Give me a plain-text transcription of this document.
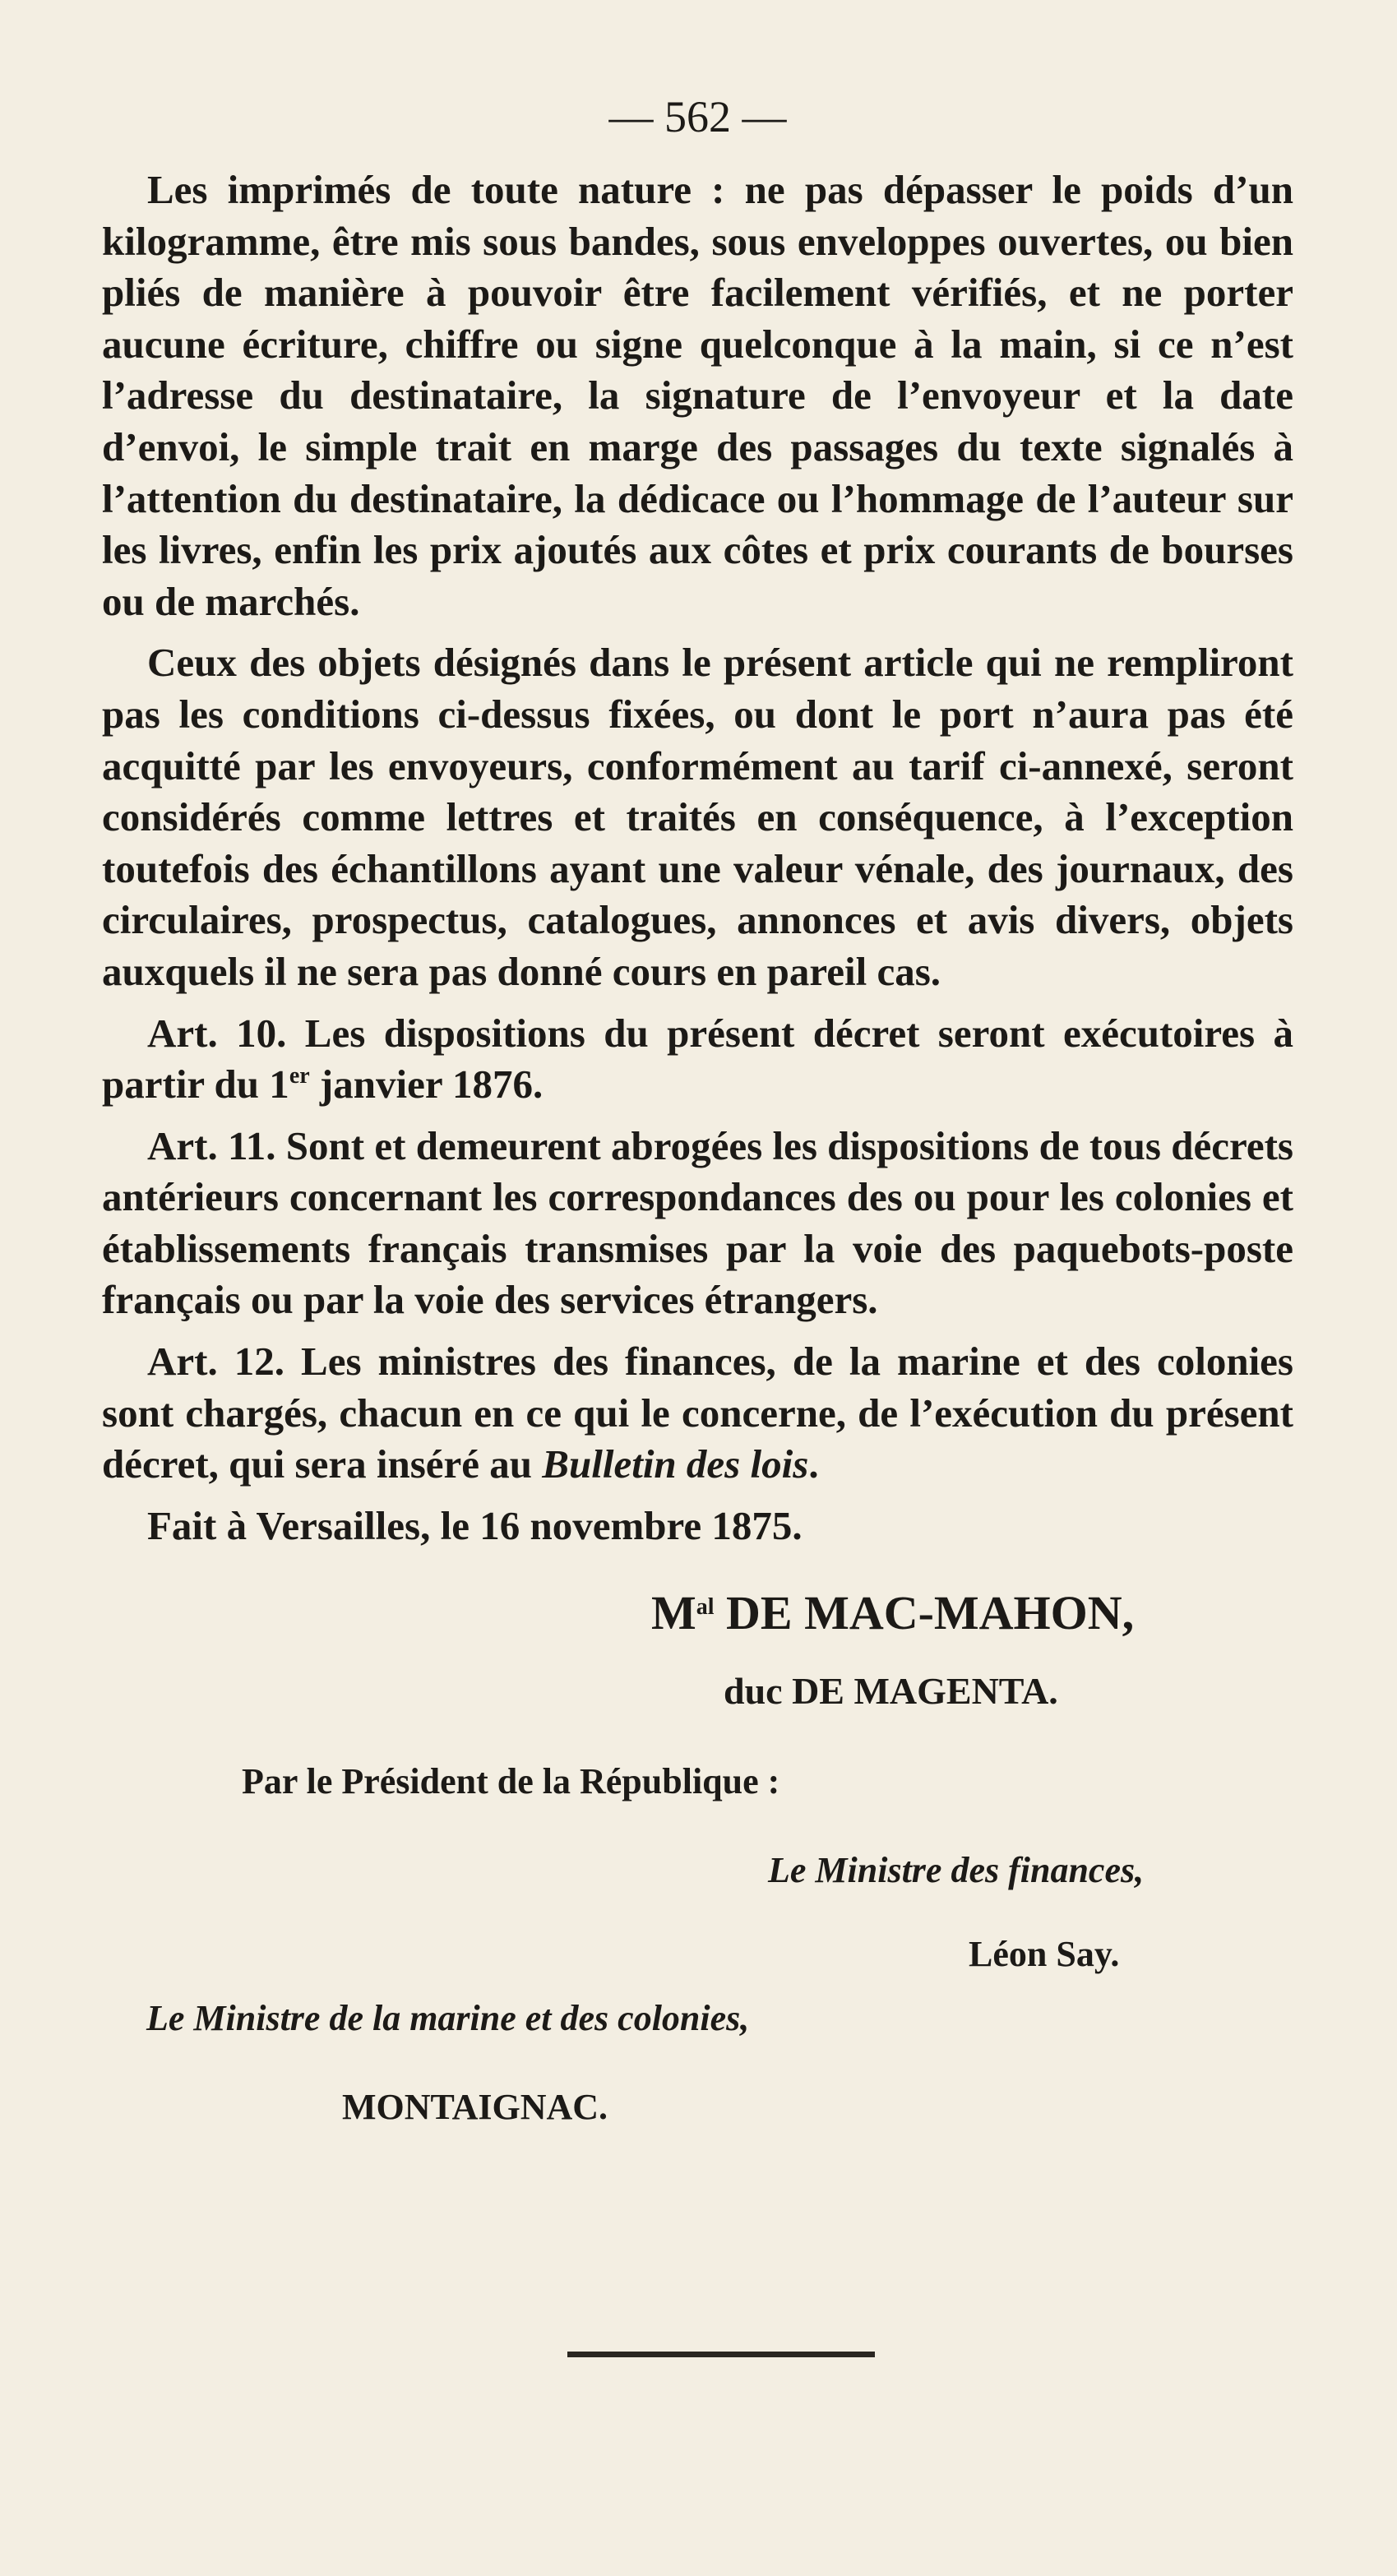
— 562 —

Les imprimés de toute nature : ne pas dépasser le poids d’un kilogramme, être mis sous bandes, sous enveloppes ouvertes, ou bien pliés de manière à pouvoir être facilement vérifiés, et ne porter aucune écriture, chiffre ou signe quelconque à la main, si ce n’est l’adresse du destinataire, la signature de l’envoyeur et la date d’envoi, le simple trait en marge des passages du texte signalés à l’attention du destinataire, la dédicace ou l’hommage de l’auteur sur les livres, enfin les prix ajoutés aux côtes et prix courants de bourses ou de marchés.

Ceux des objets désignés dans le présent article qui ne rempliront pas les conditions ci-dessus fixées, ou dont le port n’aura pas été acquitté par les envoyeurs, conformément au tarif ci-annexé, seront considérés comme lettres et traités en conséquence, à l’exception toutefois des échantillons ayant une valeur vénale, des journaux, des circulaires, prospectus, catalogues, annonces et avis divers, objets auxquels il ne sera pas donné cours en pareil cas.

Art. 10. Les dispositions du présent décret seront exécutoires à partir du 1er janvier 1876.

Art. 11. Sont et demeurent abrogées les dispositions de tous décrets antérieurs concernant les correspondances des ou pour les colonies et établissements français transmises par la voie des paquebots-poste français ou par la voie des services étrangers.

Art. 12. Les ministres des finances, de la marine et des colonies sont chargés, chacun en ce qui le concerne, de l’exécution du présent décret, qui sera inséré au Bulletin des lois.

Fait à Versailles, le 16 novembre 1875.

$M^{al}$ DE MAC-MAHON,
duc DE MAGENTA.
Par le Président de la République :
Le Ministre des finances,
Léon Say.
Le Ministre de la marine et des colonies,
MONTAIGNAC.
